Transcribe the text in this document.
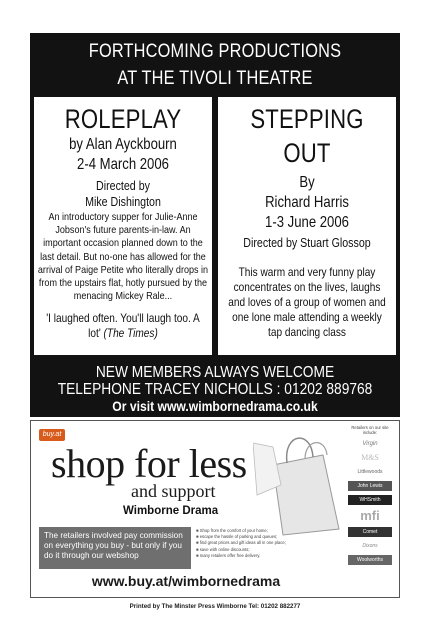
FORTHCOMING PRODUCTIONS
AT THE TIVOLI THEATRE
ROLEPLAY
by Alan Ayckbourn
2-4 March 2006
Directed by
Mike Dishington
An introductory supper for Julie-Anne Jobson's future parents-in-law. An important occasion planned down to the last detail. But no-one has allowed for the arrival of Paige Petite who literally drops in from the upstairs flat, hotly pursued by the menacing Mickey Rale...
'I laughed often. You'll laugh too. A lot' (The Times)
STEPPING
OUT
By
Richard Harris
1-3 June 2006
Directed by Stuart Glossop
This warm and very funny play concentrates on the lives, laughs and loves of a group of women and one lone male attending a weekly tap dancing class
NEW MEMBERS ALWAYS WELCOME
TELEPHONE TRACEY NICHOLLS : 01202 889768
Or visit www.wimbornedrama.co.uk
buy.at
shop for less
and support
Wimborne Drama
The retailers involved pay commission on everything you buy - but only if you do it through our webshop
■ Shop from the comfort of your home;
■ escape the hassle of parking and queues;
■ find great prices and gift ideas all in one place;
■ save with online discounts;
■ many retailers offer free delivery.
www.buy.at/wimbornedrama
Retailers on our site include:
Virgin
M&S
Littlewoods
John Lewis
WHSmith
mfi
Comet
Dixons
Woolworths
Printed by The Minster Press Wimborne Tel: 01202 882277
